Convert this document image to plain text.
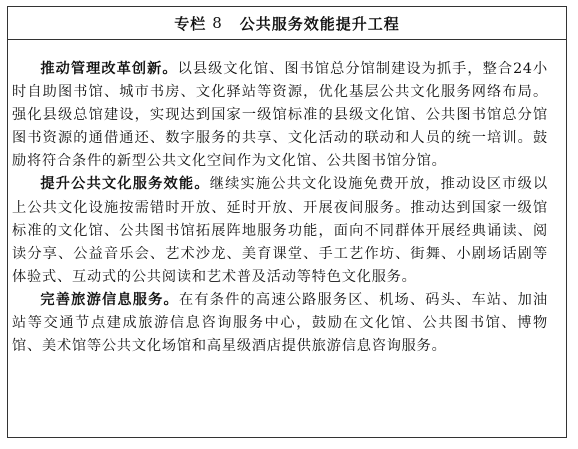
专栏 8 公共服务效能提升工程

推动管理改革创新。以县级文化馆、图书馆总分馆制建设为抓手，整合24小时自助图书馆、城市书房、文化驿站等资源，优化基层公共文化服务网络布局。强化县级总馆建设，实现达到国家一级馆标准的县级文化馆、公共图书馆总分馆图书资源的通借通还、数字服务的共享、文化活动的联动和人员的统一培训。鼓励将符合条件的新型公共文化空间作为文化馆、公共图书馆分馆。

提升公共文化服务效能。继续实施公共文化设施免费开放，推动设区市级以上公共文化设施按需错时开放、延时开放、开展夜间服务。推动达到国家一级馆标准的文化馆、公共图书馆拓展阵地服务功能，面向不同群体开展经典诵读、阅读分享、公益音乐会、艺术沙龙、美育课堂、手工艺作坊、街舞、小剧场话剧等体验式、互动式的公共阅读和艺术普及活动等特色文化服务。

完善旅游信息服务。在有条件的高速公路服务区、机场、码头、车站、加油站等交通节点建成旅游信息咨询服务中心，鼓励在文化馆、公共图书馆、博物馆、美术馆等公共文化场馆和高星级酒店提供旅游信息咨询服务。
